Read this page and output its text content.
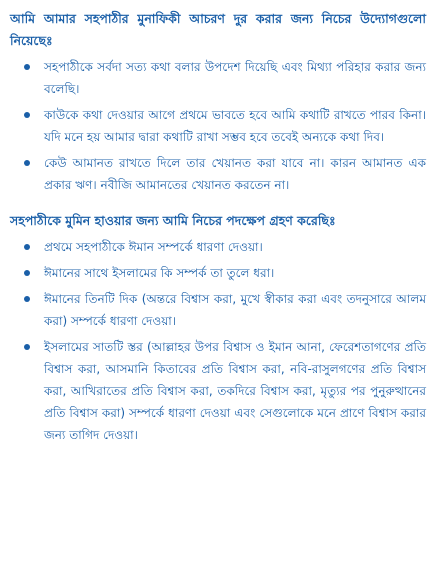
আমি আমার সহপাঠীর মুনাফিকী আচরণ দুর করার জন্য নিচের উদ্যোগগুলো নিয়েছেঃ

সহপাঠীকে সর্বদা সত্য কথা বলার উপদেশ দিয়েছি এবং মিথ্যা পরিহার করার জন্য বলেছি।
কাউকে কথা দেওয়ার আগে প্রথমে ভাবতে হবে আমি কথাটি রাখতে পারব কিনা। যদি মনে হয় আমার দ্বারা কথাটি রাখা সম্ভব হবে তবেই অন্যকে কথা দিব।
কেউ আমানত রাখতে দিলে তার খেয়ানত করা যাবে না। কারন আমানত এক প্রকার ঋণ। নবীজি আমানতের খেয়ানত করতেন না।

সহপাঠীকে মুমিন হাওয়ার জন্য আমি নিচের পদক্ষেপ গ্রহণ করেছিঃ

প্রথমে সহপাঠীকে ঈমান সম্পর্কে ধারণা দেওয়া।
ঈমানের সাথে ইসলামের কি সম্পর্ক তা তুলে ধরা।
ঈমানের তিনটি দিক (অন্তরে বিশ্বাস করা, মুখে স্বীকার করা এবং তদনুসারে আলম করা) সম্পর্কে ধারণা দেওয়া।
ইসলামের সাতটি স্তর (আল্লাহর উপর বিশ্বাস ও ইমান আনা, ফেরেশতাগণের প্রতি বিশ্বাস করা, আসমানি কিতাবের প্রতি বিশ্বাস করা, নবি-রাসুলগণের প্রতি বিশ্বাস করা, আখিরাতের প্রতি বিশ্বাস করা, তকদিরে বিশ্বাস করা, মৃত্যুর পর পুনুরুত্থানের প্রতি বিশ্বাস করা) সম্পর্কে ধারণা দেওয়া এবং সেগুলোকে মনে প্রাণে বিশ্বাস করার জন্য তাগিদ দেওয়া।
